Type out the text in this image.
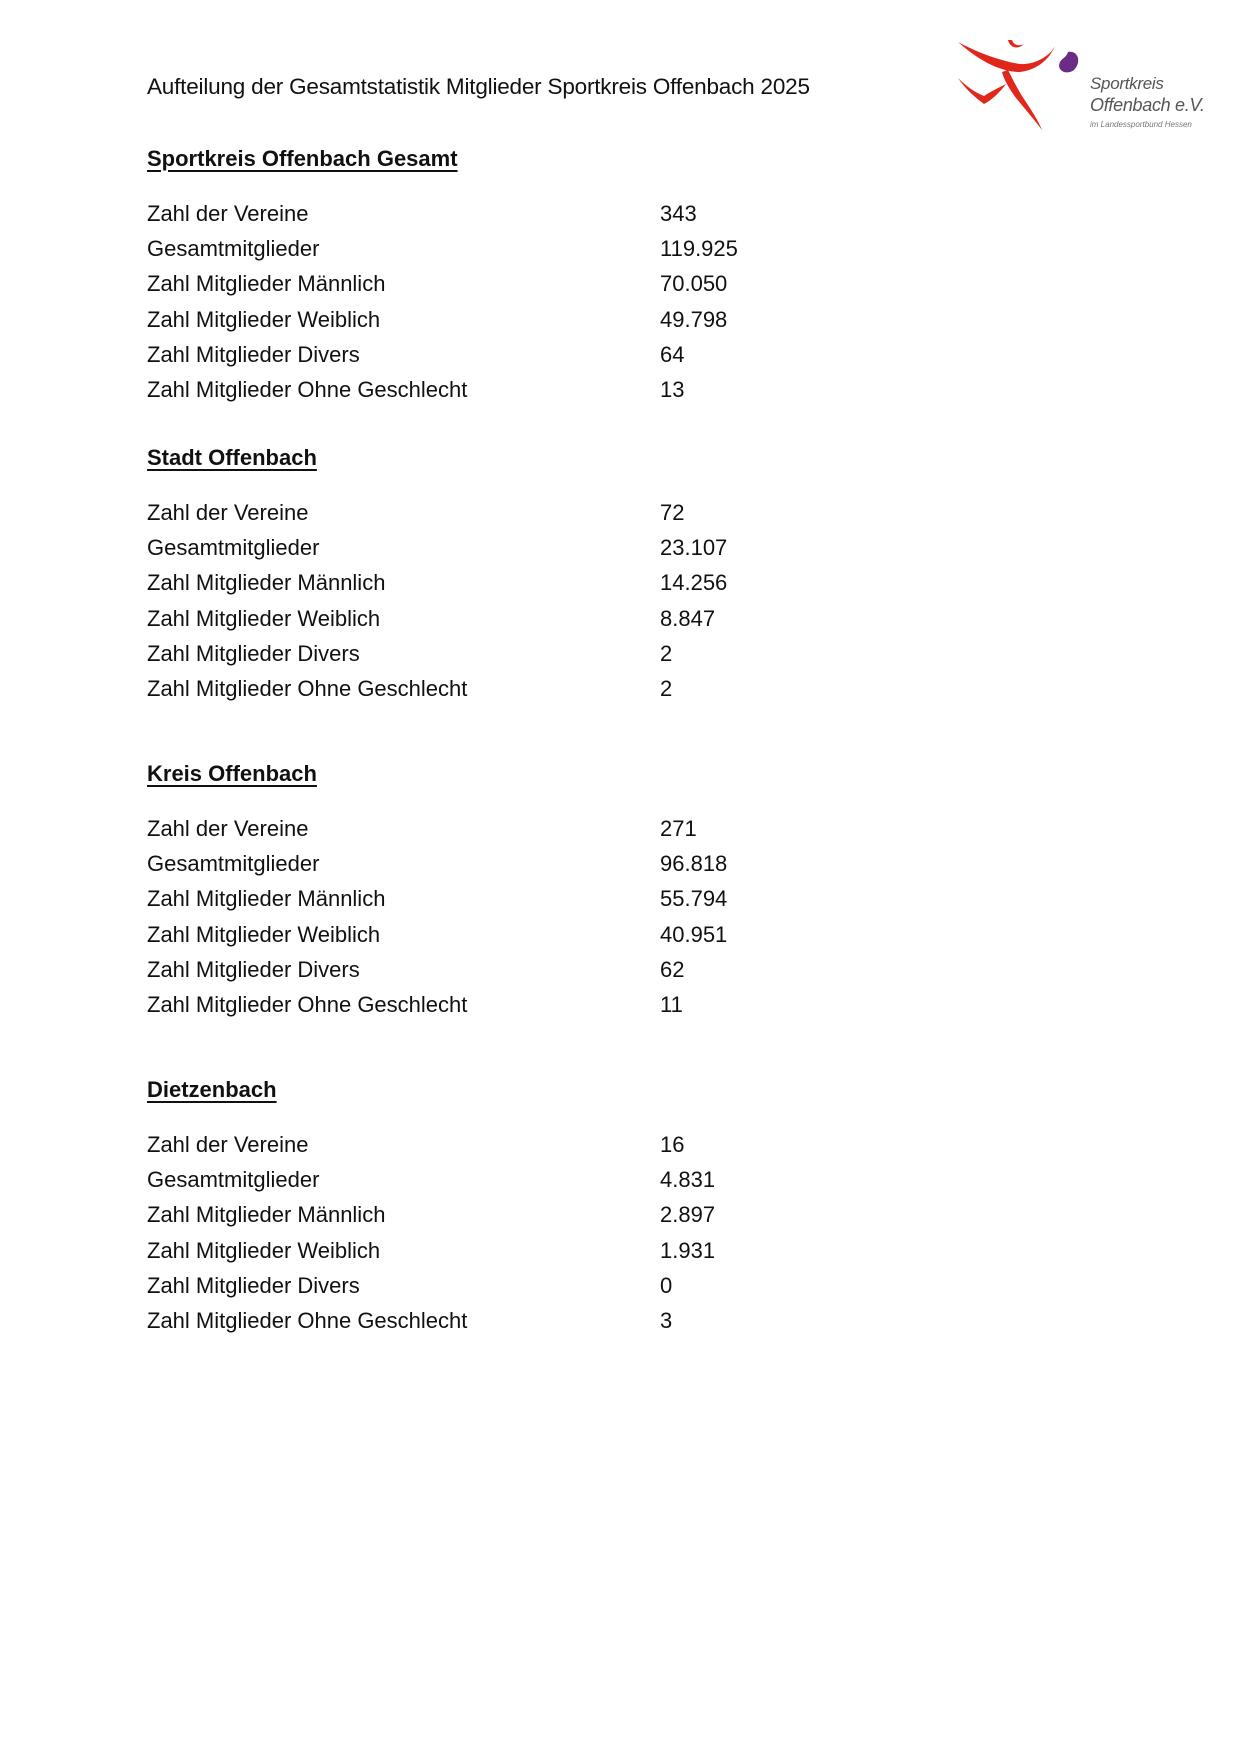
Aufteilung der Gesamtstatistik Mitglieder Sportkreis Offenbach 2025	Sportkreis
Offenbach e.V.
im Landessportbund Hessen
Sportkreis Offenbach Gesamt
Zahl der Vereine	343
Gesamtmitglieder	119.925
Zahl Mitglieder Männlich	70.050
Zahl Mitglieder Weiblich	49.798
Zahl Mitglieder Divers	64
Zahl Mitglieder Ohne Geschlecht	13
Stadt Offenbach
Zahl der Vereine	72
Gesamtmitglieder	23.107
Zahl Mitglieder Männlich	14.256
Zahl Mitglieder Weiblich	8.847
Zahl Mitglieder Divers	2
Zahl Mitglieder Ohne Geschlecht	2
Kreis Offenbach
Zahl der Vereine	271
Gesamtmitglieder	96.818
Zahl Mitglieder Männlich	55.794
Zahl Mitglieder Weiblich	40.951
Zahl Mitglieder Divers	62
Zahl Mitglieder Ohne Geschlecht	11
Dietzenbach
Zahl der Vereine	16
Gesamtmitglieder	4.831
Zahl Mitglieder Männlich	2.897
Zahl Mitglieder Weiblich	1.931
Zahl Mitglieder Divers	0
Zahl Mitglieder Ohne Geschlecht	3
